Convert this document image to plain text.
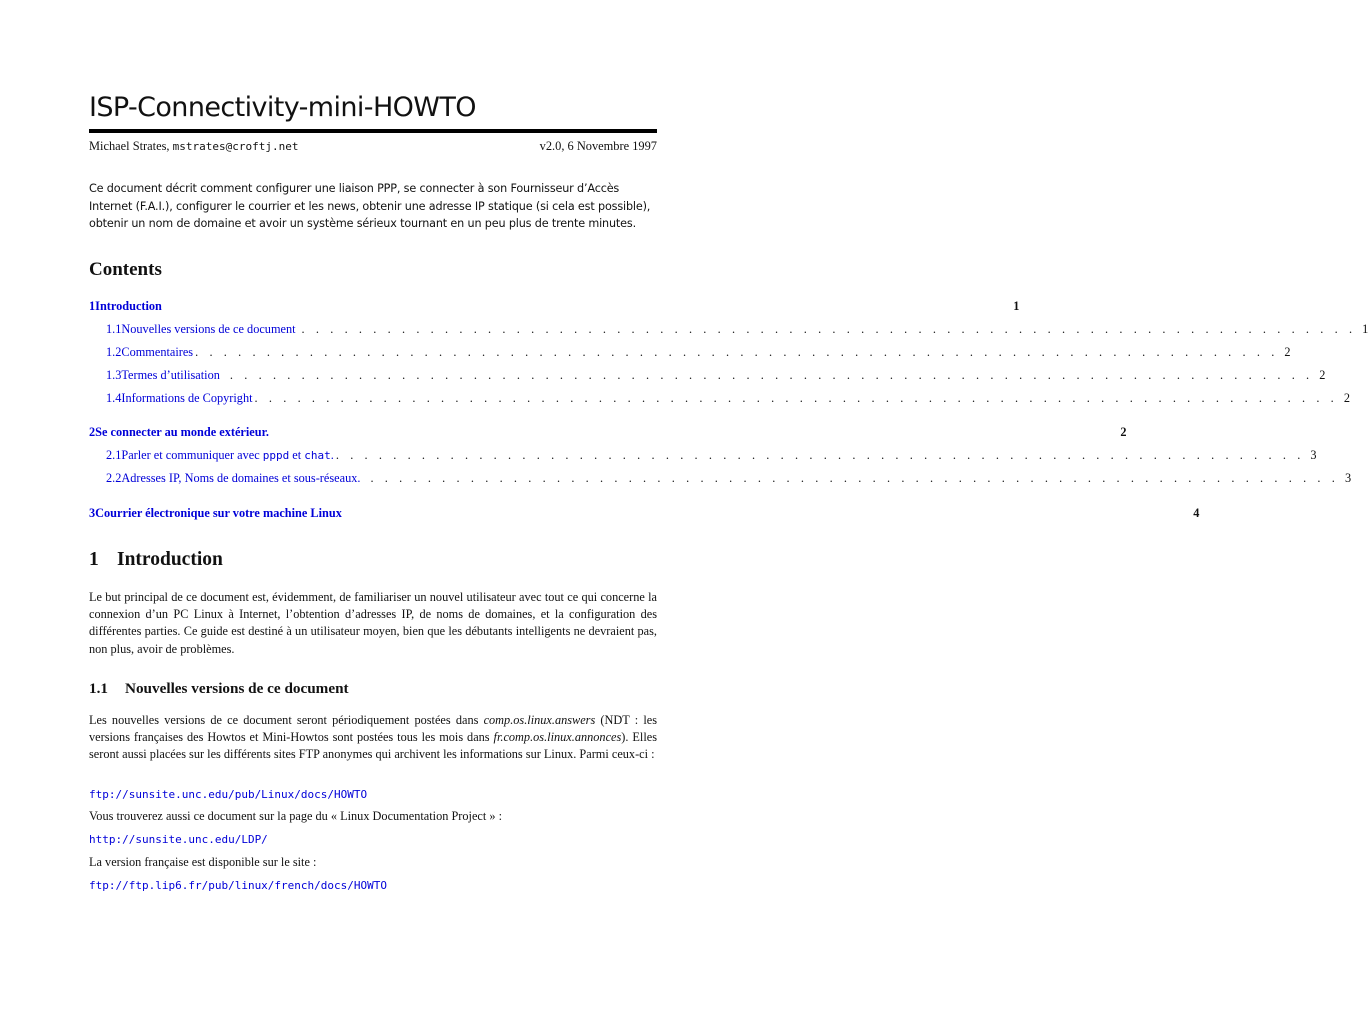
ISP-Connectivity-mini-HOWTO
Michael Strates, mstrates@croftj.net	v2.0, 6 Novembre 1997
Ce document décrit comment configurer une liaison PPP, se connecter à son Fournisseur d’Accès Internet (F.A.I.), configurer le courrier et les news, obtenir une adresse IP statique (si cela est possible), obtenir un nom de domaine et avoir un système sérieux tournant en un peu plus de trente minutes.
Contents
1 Introduction	1
1.1 Nouvelles versions de ce document . . . . . . . . . . . . . . . . . . . . . . . . . . . . . . . . . . . . . . . . . . . . . . . . . . . . . . . . . . . . . . . . . . . . . . . . . . 1
1.2 Commentaires . . . . . . . . . . . . . . . . . . . . . . . . . . . . . . . . . . . . . . . . . . . . . . . . . . . . . . . . . . . . . . . . . . . . . . . . . . . . 2
1.3 Termes d’utilisation . . . . . . . . . . . . . . . . . . . . . . . . . . . . . . . . . . . . . . . . . . . . . . . . . . . . . . . . . . . . . . . . . . . . . . . . . . . . 2
1.4 Informations de Copyright . . . . . . . . . . . . . . . . . . . . . . . . . . . . . . . . . . . . . . . . . . . . . . . . . . . . . . . . . . . . . . . . . . . . . . . . . . . . 2
2 Se connecter au monde extérieur.	2
2.1 Parler et communiquer avec pppd et chat. . . . . . . . . . . . . . . . . . . . . . . . . . . . . . . . . . . . . . . . . . . . . . . . . . . . . . . . . . . . . . . . . . . . . 3
2.2 Adresses IP, Noms de domaines et sous-réseaux. . . . . . . . . . . . . . . . . . . . . . . . . . . . . . . . . . . . . . . . . . . . . . . . . . . . . . . . . . . . . . . . . . . . . 3
3 Courrier électronique sur votre machine Linux	4
1 Introduction
Le but principal de ce document est, évidemment, de familiariser un nouvel utilisateur avec tout ce qui concerne la connexion d’un PC Linux à Internet, l’obtention d’adresses IP, de noms de domaines, et la configuration des différentes parties. Ce guide est destiné à un utilisateur moyen, bien que les débutants intelligents ne devraient pas, non plus, avoir de problèmes.
1.1 Nouvelles versions de ce document
Les nouvelles versions de ce document seront périodiquement postées dans comp.os.linux.answers (NDT : les versions françaises des Howtos et Mini-Howtos sont postées tous les mois dans fr.comp.os.linux.annonces). Elles seront aussi placées sur les différents sites FTP anonymes qui archivent les informations sur Linux. Parmi ceux-ci :
ftp://sunsite.unc.edu/pub/Linux/docs/HOWTO
Vous trouverez aussi ce document sur la page du « Linux Documentation Project » :
http://sunsite.unc.edu/LDP/
La version française est disponible sur le site :
ftp://ftp.lip6.fr/pub/linux/french/docs/HOWTO
